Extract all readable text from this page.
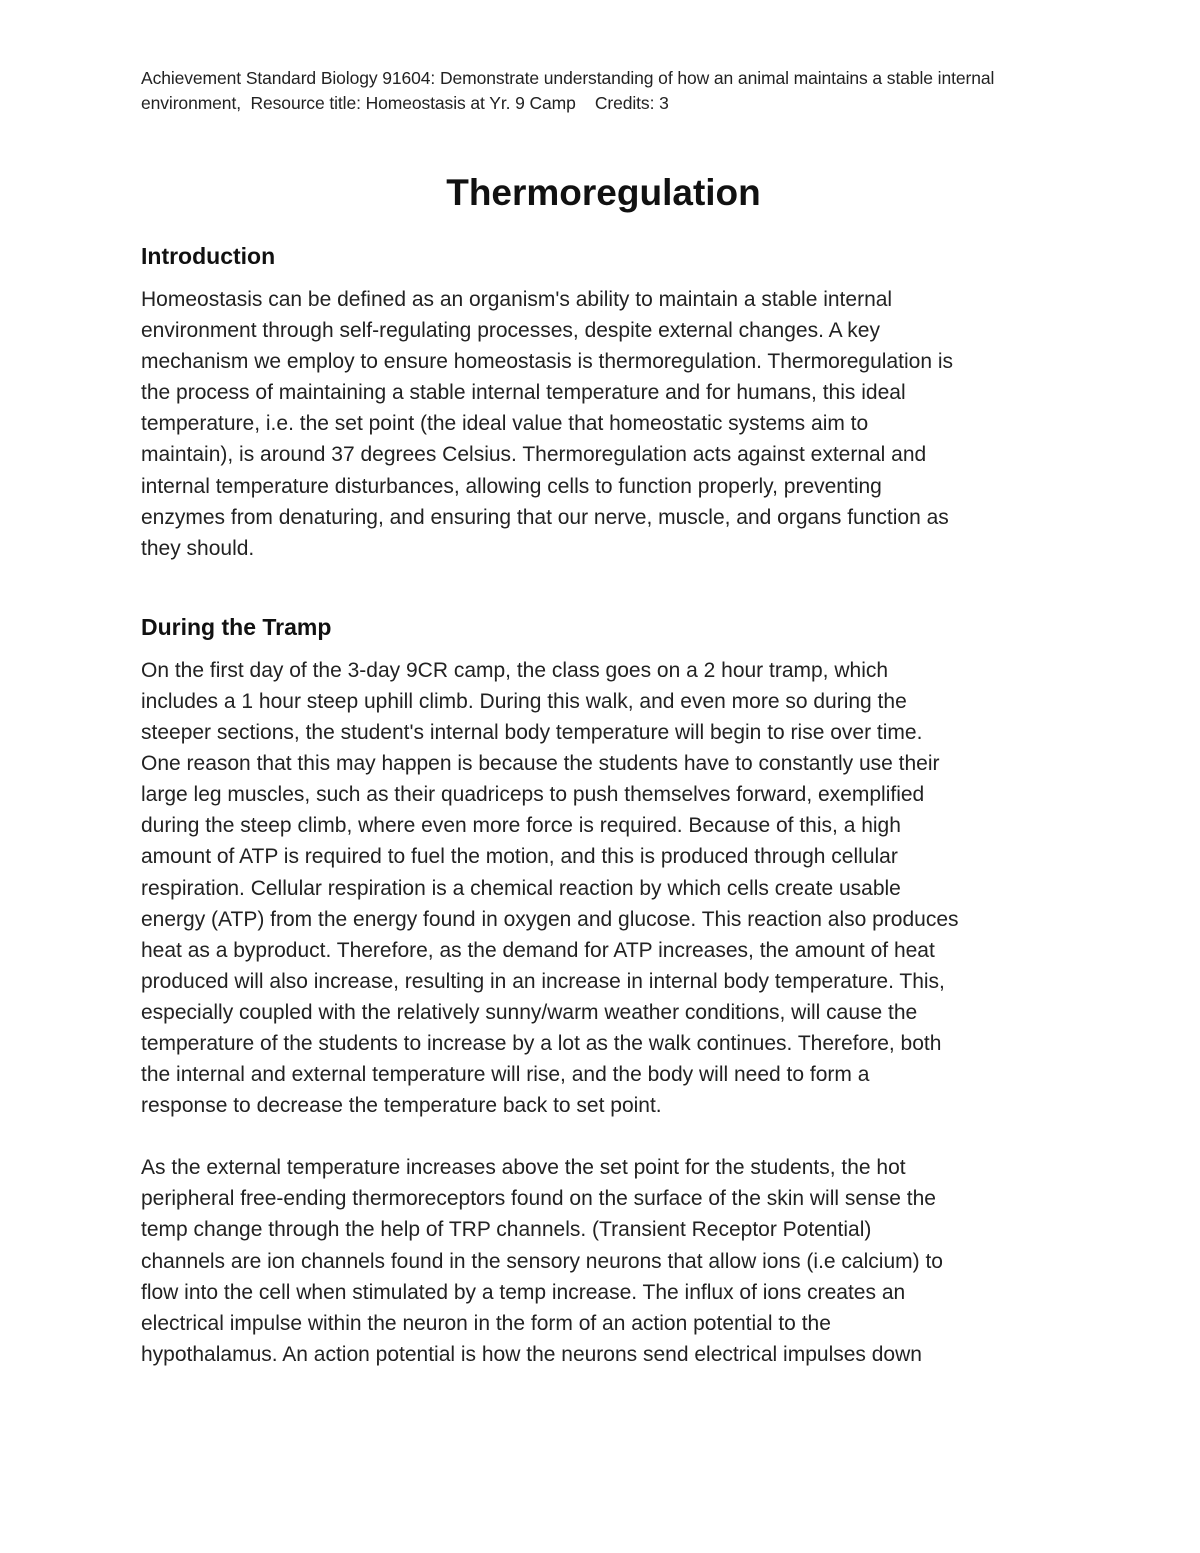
Achievement Standard Biology 91604: Demonstrate understanding of how an animal maintains a stable internal
environment,  Resource title: Homeostasis at Yr. 9 Camp    Credits: 3

Thermoregulation
Introduction

Homeostasis can be defined as an organism's ability to maintain a stable internal
environment through self-regulating processes, despite external changes. A key
mechanism we employ to ensure homeostasis is thermoregulation. Thermoregulation is
the process of maintaining a stable internal temperature and for humans, this ideal
temperature, i.e. the set point (the ideal value that homeostatic systems aim to
maintain), is around 37 degrees Celsius. Thermoregulation acts against external and
internal temperature disturbances, allowing cells to function properly, preventing
enzymes from denaturing, and ensuring that our nerve, muscle, and organs function as
they should.

During the Tramp

On the first day of the 3-day 9CR camp, the class goes on a 2 hour tramp, which
includes a 1 hour steep uphill climb. During this walk, and even more so during the
steeper sections, the student's internal body temperature will begin to rise over time.
One reason that this may happen is because the students have to constantly use their
large leg muscles, such as their quadriceps to push themselves forward, exemplified
during the steep climb, where even more force is required. Because of this, a high
amount of ATP is required to fuel the motion, and this is produced through cellular
respiration. Cellular respiration is a chemical reaction by which cells create usable
energy (ATP) from the energy found in oxygen and glucose. This reaction also produces
heat as a byproduct. Therefore, as the demand for ATP increases, the amount of heat
produced will also increase, resulting in an increase in internal body temperature. This,
especially coupled with the relatively sunny/warm weather conditions, will cause the
temperature of the students to increase by a lot as the walk continues. Therefore, both
the internal and external temperature will rise, and the body will need to form a
response to decrease the temperature back to set point.

As the external temperature increases above the set point for the students, the hot
peripheral free-ending thermoreceptors found on the surface of the skin will sense the
temp change through the help of TRP channels. (Transient Receptor Potential)
channels are ion channels found in the sensory neurons that allow ions (i.e calcium) to
flow into the cell when stimulated by a temp increase. The influx of ions creates an
electrical impulse within the neuron in the form of an action potential to the
hypothalamus. An action potential is how the neurons send electrical impulses down
